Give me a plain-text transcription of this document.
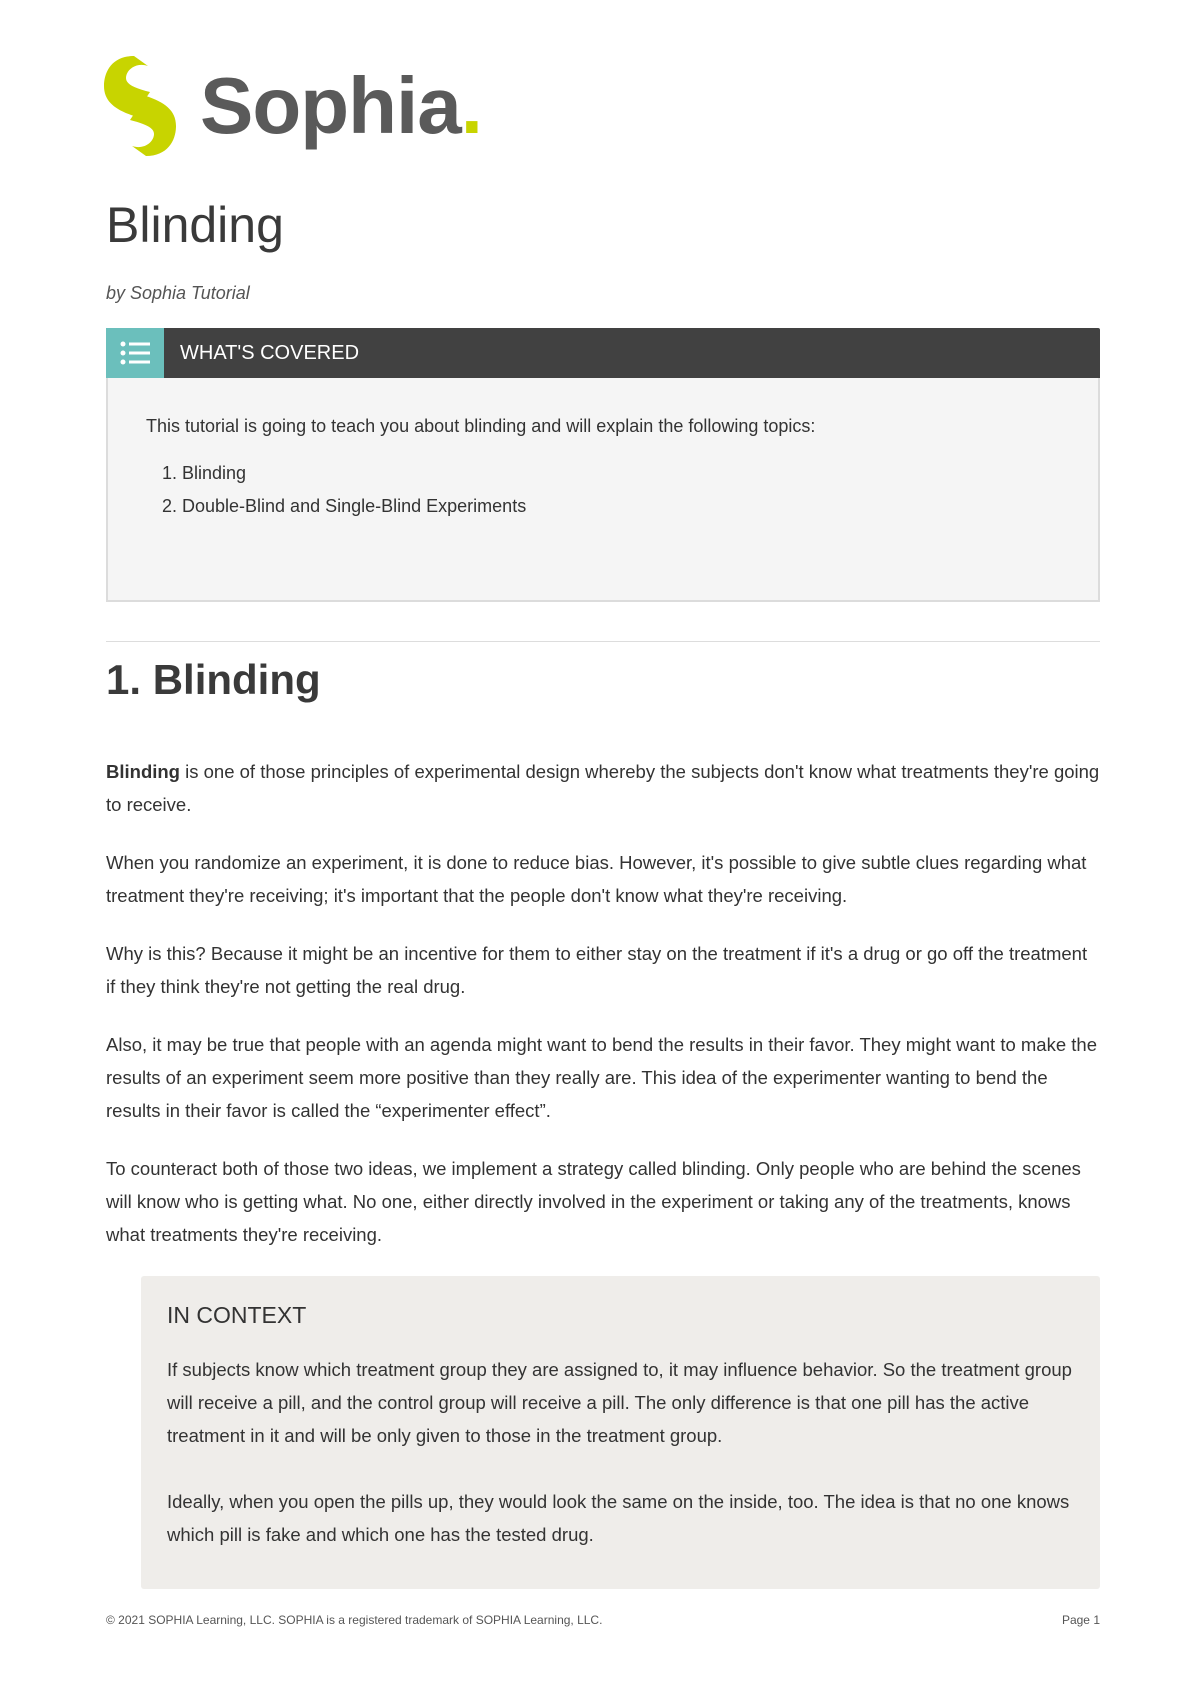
Sophia.
Blinding
by Sophia Tutorial
WHAT'S COVERED

This tutorial is going to teach you about blinding and will explain the following topics:

1. Blinding
2. Double-Blind and Single-Blind Experiments
1. Blinding

Blinding is one of those principles of experimental design whereby the subjects don't know what treatments they're going to receive.

When you randomize an experiment, it is done to reduce bias. However, it's possible to give subtle clues regarding what treatment they're receiving; it's important that the people don't know what they're receiving.

Why is this? Because it might be an incentive for them to either stay on the treatment if it's a drug or go off the treatment if they think they're not getting the real drug.

Also, it may be true that people with an agenda might want to bend the results in their favor. They might want to make the results of an experiment seem more positive than they really are. This idea of the experimenter wanting to bend the results in their favor is called the “experimenter effect”.

To counteract both of those two ideas, we implement a strategy called blinding. Only people who are behind the scenes will know who is getting what. No one, either directly involved in the experiment or taking any of the treatments, knows what treatments they're receiving.

IN CONTEXT

If subjects know which treatment group they are assigned to, it may influence behavior. So the treatment group will receive a pill, and the control group will receive a pill. The only difference is that one pill has the active treatment in it and will be only given to those in the treatment group.

Ideally, when you open the pills up, they would look the same on the inside, too. The idea is that no one knows which pill is fake and which one has the tested drug.

© 2021 SOPHIA Learning, LLC. SOPHIA is a registered trademark of SOPHIA Learning, LLC.	Page 1
